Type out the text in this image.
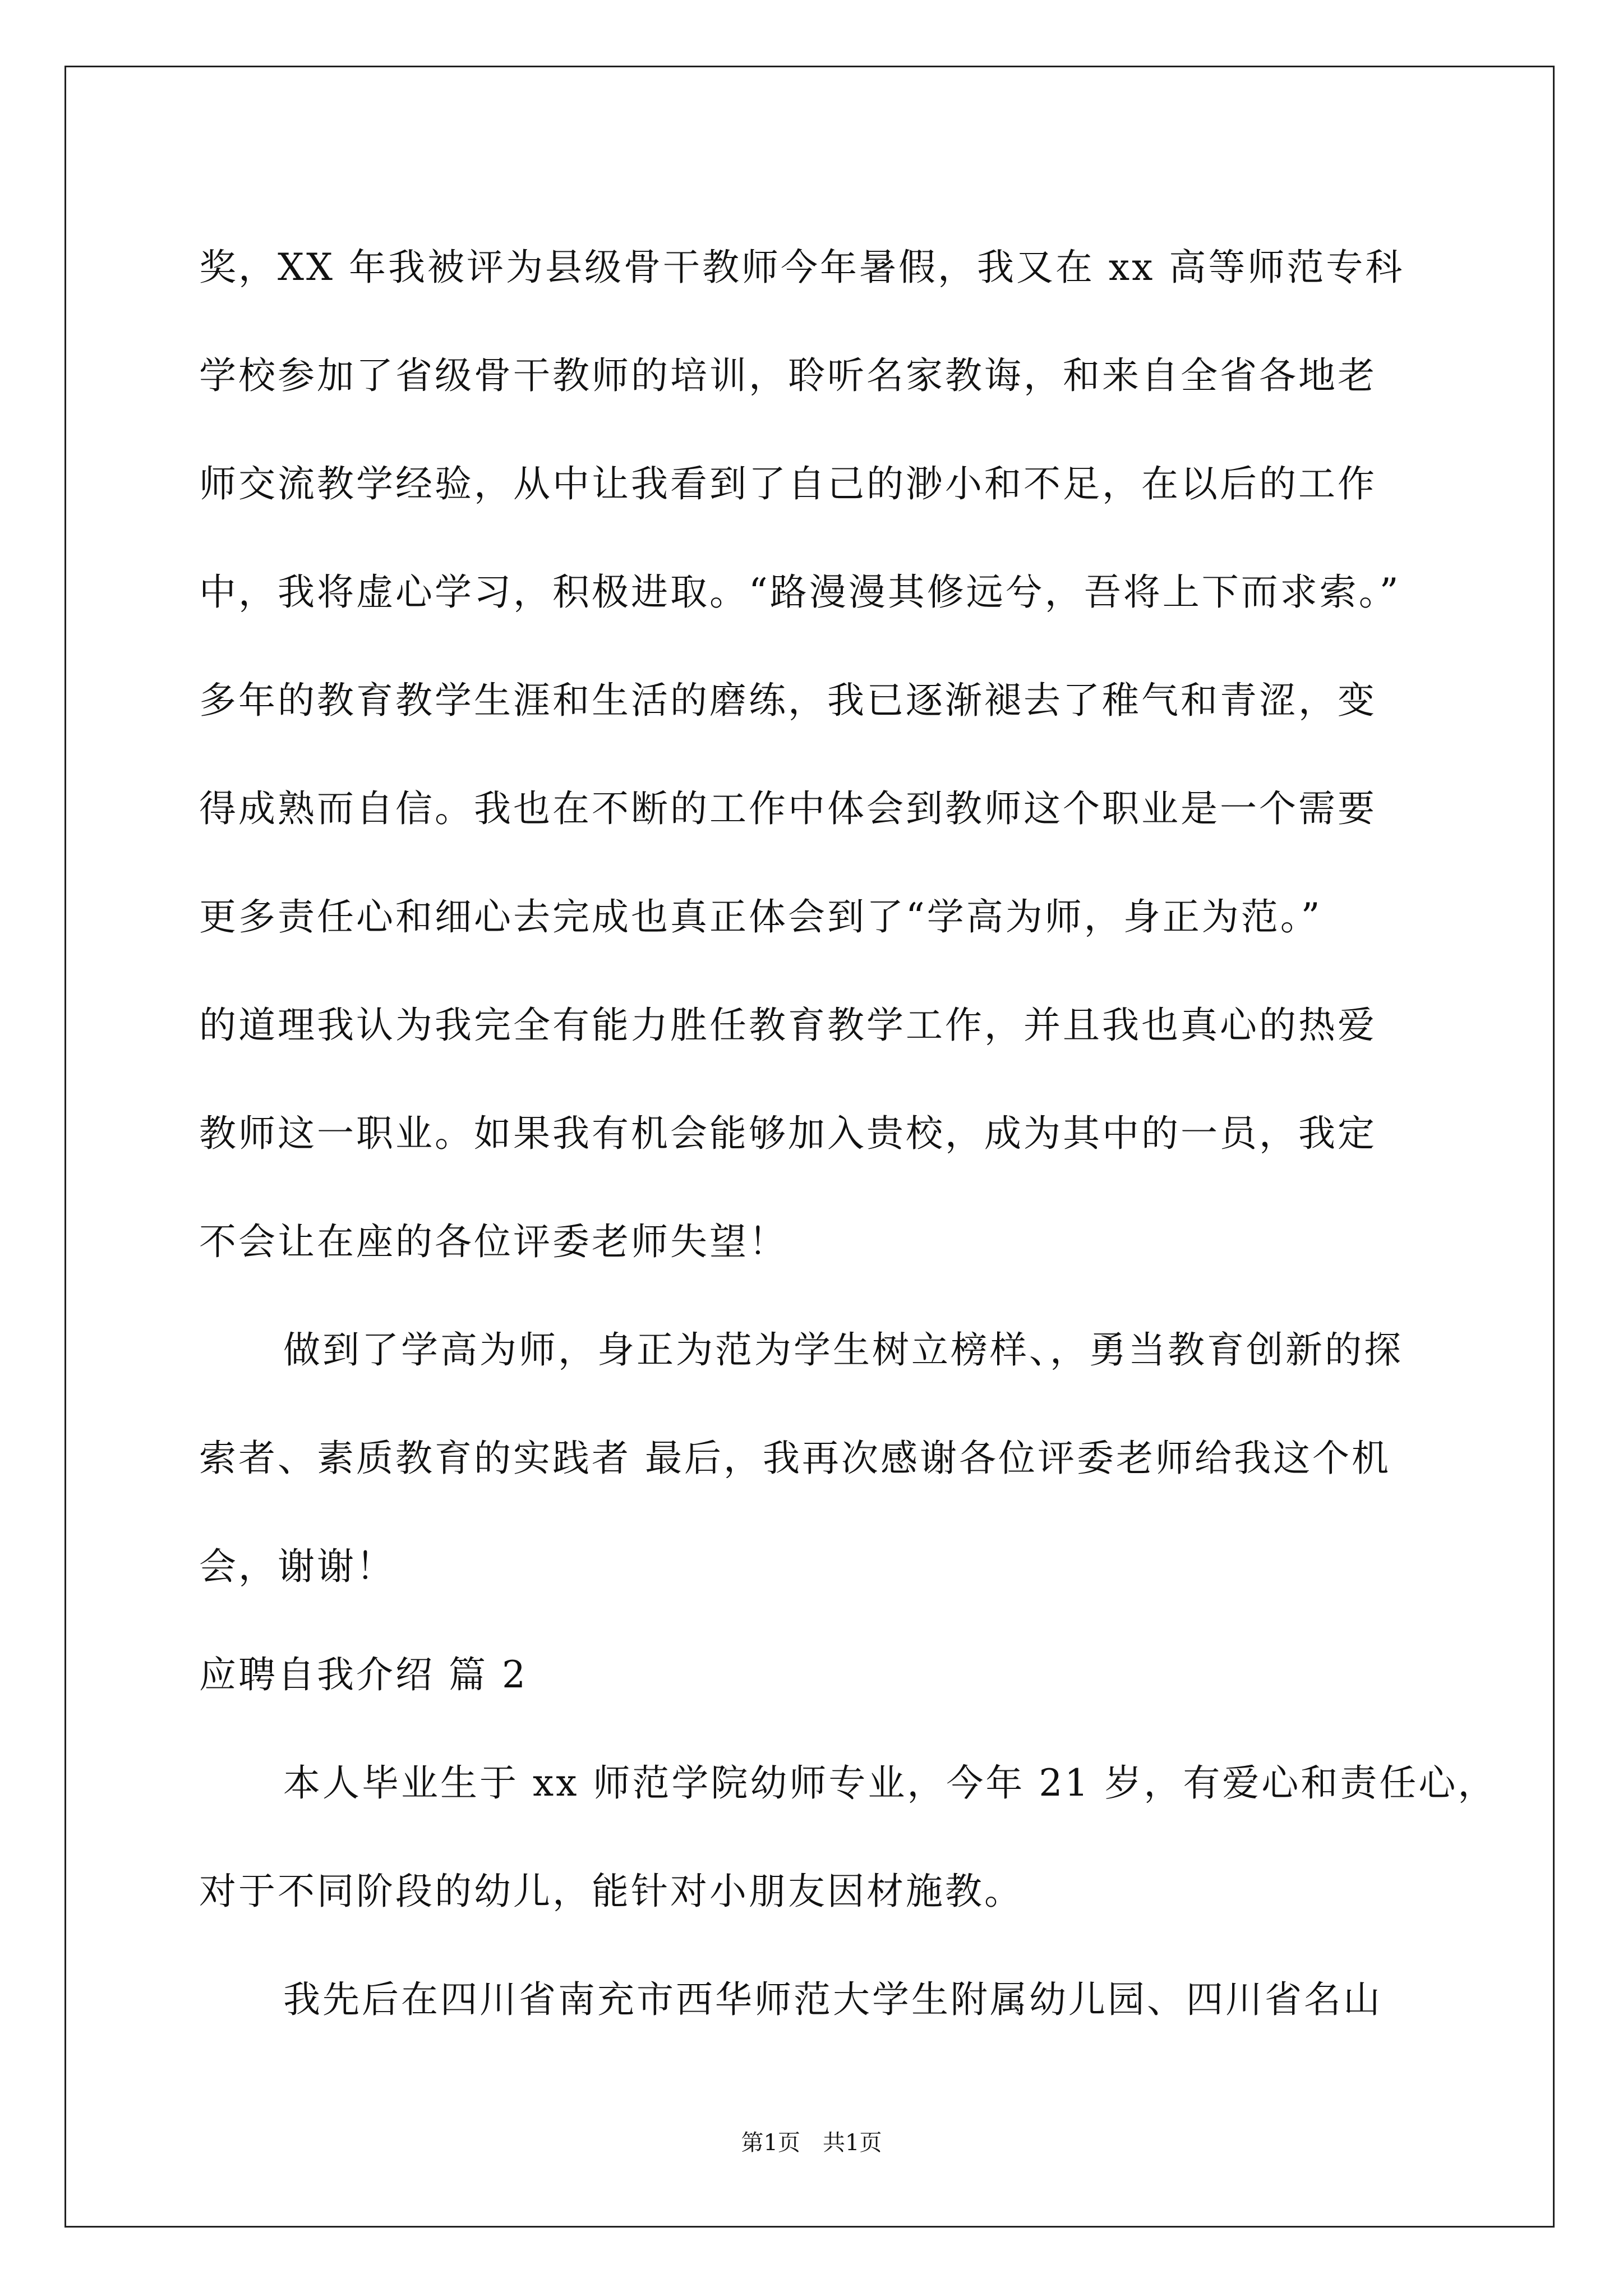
奖，XX 年我被评为县级骨干教师今年暑假，我又在 xx 高等师范专科
学校参加了省级骨干教师的培训，聆听名家教诲，和来自全省各地老
师交流教学经验，从中让我看到了自己的渺小和不足，在以后的工作
中，我将虚心学习，积极进取。“路漫漫其修远兮，吾将上下而求索。”
多年的教育教学生涯和生活的磨练，我已逐渐褪去了稚气和青涩，变
得成熟而自信。我也在不断的工作中体会到教师这个职业是一个需要
更多责任心和细心去完成也真正体会到了“学高为师，身正为范。”
的道理我认为我完全有能力胜任教育教学工作，并且我也真心的热爱
教师这一职业。如果我有机会能够加入贵校，成为其中的一员，我定
不会让在座的各位评委老师失望！
做到了学高为师，身正为范为学生树立榜样、，勇当教育创新的探
索者、素质教育的实践者 最后，我再次感谢各位评委老师给我这个机
会，谢谢！
应聘自我介绍 篇 2
本人毕业生于 xx 师范学院幼师专业，今年 21 岁，有爱心和责任心，
对于不同阶段的幼儿，能针对小朋友因材施教。
我先后在四川省南充市西华师范大学生附属幼儿园、四川省名山
第1页　共1页
